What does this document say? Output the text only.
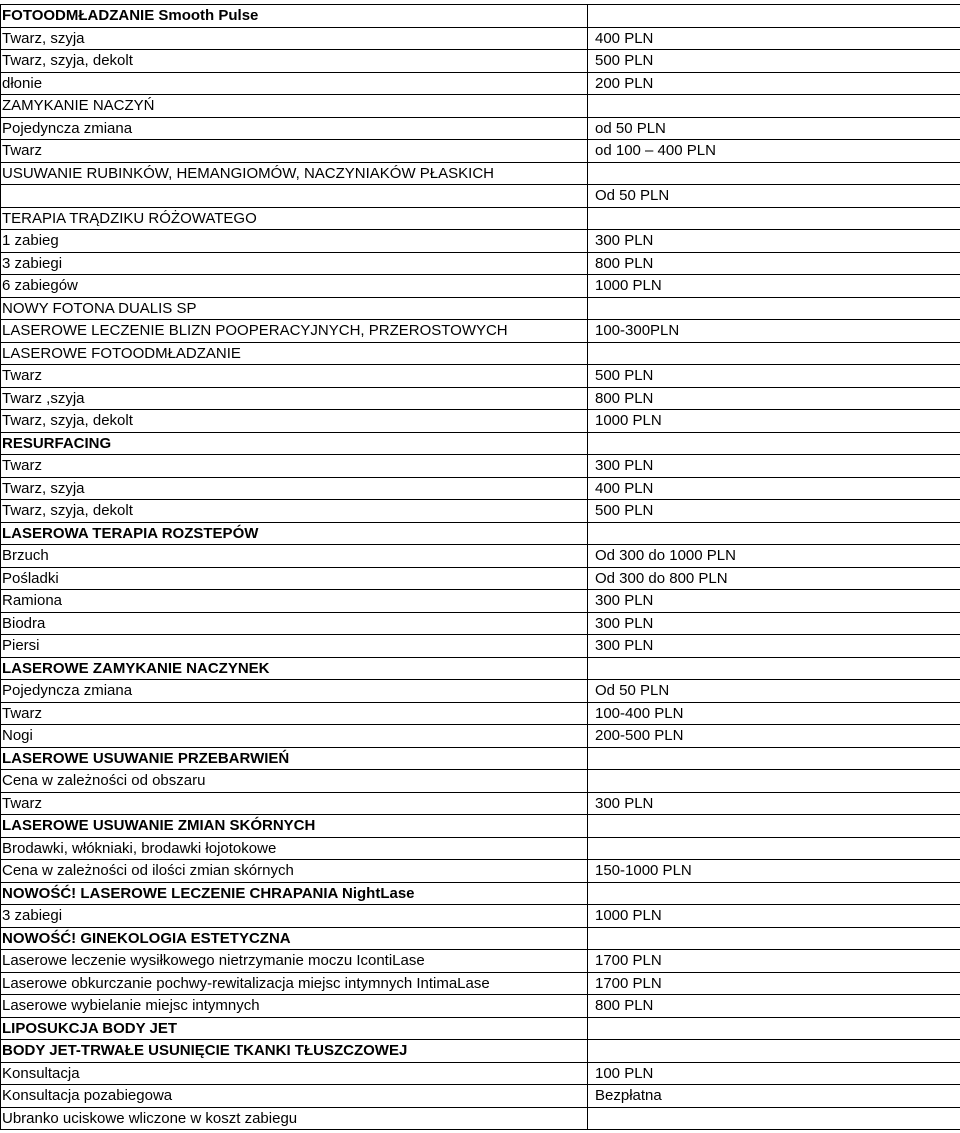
FOTOODMŁADZANIE Smooth Pulse	
Twarz, szyja	400 PLN
Twarz, szyja, dekolt	500 PLN
dłonie	200 PLN
ZAMYKANIE NACZYŃ	
Pojedyncza zmiana	od 50 PLN
Twarz	od 100 – 400 PLN
USUWANIE RUBINKÓW, HEMANGIOMÓW, NACZYNIAKÓW PŁASKICH	
	Od 50 PLN
TERAPIA TRĄDZIKU RÓŻOWATEGO	
1 zabieg	300 PLN
3 zabiegi	800 PLN
6 zabiegów	1000 PLN
NOWY FOTONA DUALIS SP	
LASEROWE LECZENIE BLIZN POOPERACYJNYCH, PRZEROSTOWYCH	100-300PLN
LASEROWE FOTOODMŁADZANIE	
Twarz	500 PLN
Twarz ,szyja	800 PLN
Twarz, szyja, dekolt	1000 PLN
RESURFACING	
Twarz	300 PLN
Twarz, szyja	400 PLN
Twarz, szyja, dekolt	500 PLN
LASEROWA TERAPIA ROZSTEPÓW	
Brzuch	Od 300 do 1000 PLN
Pośladki	Od 300 do 800 PLN
Ramiona	300 PLN
Biodra	300 PLN
Piersi	300 PLN
LASEROWE ZAMYKANIE NACZYNEK	
Pojedyncza zmiana	Od 50 PLN
Twarz	100-400 PLN
Nogi	200-500 PLN
LASEROWE USUWANIE PRZEBARWIEŃ	
Cena w zależności od obszaru	
Twarz	300 PLN
LASEROWE USUWANIE ZMIAN SKÓRNYCH	
Brodawki, włókniaki, brodawki łojotokowe	
Cena w zależności od ilości zmian skórnych	150-1000 PLN
NOWOŚĆ! LASEROWE LECZENIE CHRAPANIA NightLase	
3 zabiegi	1000 PLN
NOWOŚĆ! GINEKOLOGIA ESTETYCZNA	
Laserowe leczenie wysiłkowego nietrzymanie moczu IcontiLase	1700 PLN
Laserowe obkurczanie pochwy-rewitalizacja miejsc intymnych IntimaLase	1700 PLN
Laserowe wybielanie miejsc intymnych	800 PLN
LIPOSUKCJA BODY JET	
BODY JET-TRWAŁE USUNIĘCIE TKANKI TŁUSZCZOWEJ	
Konsultacja	100 PLN
Konsultacja pozabiegowa	Bezpłatna
Ubranko uciskowe wliczone w koszt zabiegu	
